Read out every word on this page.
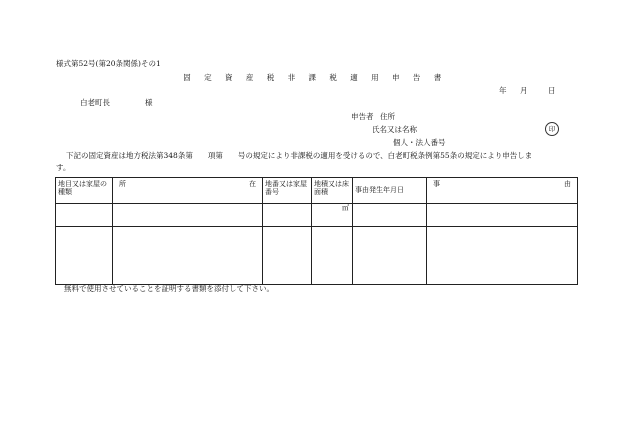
様式第52号(第20条関係)その1
固 定 資 産 税 非 課 税 適 用 申 告 書
年 月	日
白老町長	様
申告者 住所
氏名又は名称	印
個人・法人番号
下記の固定資産は地方税法第348条第　　項第　　号の規定により非課税の適用を受けるので、白老町税条例第55条の規定により申告しま
す。
地目又は家屋の種類	所 在	地番又は家屋番号	地積又は床面積	事由発生年月日	事 由

			㎡		

無料で使用させていることを証明する書類を添付して下さい。
